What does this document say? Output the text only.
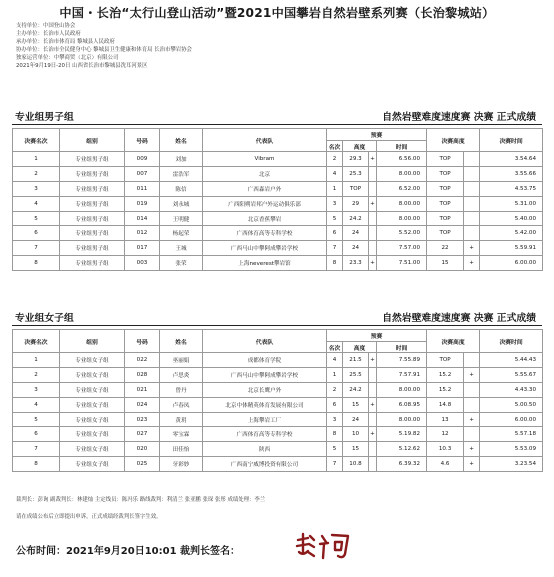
中国・长治“太行山登山活动”暨2021中国攀岩自然岩壁系列赛（长治黎城站）
支持单位：中国登山协会
主办单位：长治市人民政府
承办单位：长治市体育局 黎城县人民政府
协办单位：长治市全民健身中心 黎城县卫生健康和体育局 长治市攀岩协会
独家运营单位：中攀商贸（北京）有限公司
2021年9月19日-20日 山西省长治市黎城县洗耳河景区
专业组男子组	自然岩壁难度速度赛 决赛 正式成绩
决赛名次	组别	号码	姓名	代表队	预赛				决赛高度		决赛时间
					名次	高度		时间			
1	专业组男子组	009	刘加	Vibram	2	29.3	+	6.56.00	TOP		3.54.64
2	专业组男子组	007	雷浩军	北京	4	25.3		8.00.00	TOP		3.55.66
3	专业组男子组	011	陈信	广西森岩户外	1	TOP		6.52.00	TOP		4.53.75
4	专业组男子组	019	刘永城	广西阳朔岩邦户外运动俱乐部	3	29	+	8.00.00	TOP		5.31.00
5	专业组男子组	014	王明健	北京香蕉攀岩	5	24.2		8.00.00	TOP		5.40.00
6	专业组男子组	012	杨起荣	广西体育高等专科学校	6	24		5.52.00	TOP		5.42.00
7	专业组男子组	017	王城	广西马山中攀阿成攀岩学校	7	24		7.57.00	22	+	5.59.91
8	专业组男子组	003	张荣	上海neverest攀岩馆	8	23.3	+	7.51.00	15	+	6.00.00
专业组女子组	自然岩壁难度速度赛 决赛 正式成绩
决赛名次	组别	号码	姓名	代表队	预赛				决赛高度		决赛时间
					名次	高度		时间			
1	专业组女子组	022	巫丽娟	成都体育学院	4	21.5	+	7.55.89	TOP		5.44.43
2	专业组女子组	028	卢思炎	广西马山中攀阿成攀岩学校	1	25.5		7.57.91	15.2	+	5.55.67
3	专业组女子组	021	曾丹	北京长鹰户外	2	24.2		8.00.00	15.2		4.43.30
4	专业组女子组	024	卢春凤	北京中体精英体育发展有限公司	6	15	+	6.08.95	14.8		5.00.50
5	专业组女子组	023	黄玥	上海攀岩工厂	3	24		8.00.00	13	+	6.00.00
6	专业组女子组	027	零宝霖	广西体育高等专科学校	8	10	+	5.19.82	12		5.57.18
7	专业组女子组	020	田佳怡	陕西	5	15		5.12.62	10.3	+	5.53.09
8	专业组女子组	025	牙彩妙	广西南宁威博投资有限公司	7	10.8		6.39.32	4.6	+	3.23.54
裁判长：彭询 副裁判长：林建灿 主定线员：陈冯乐 路线裁判：利清兰 张亚鹏 张琛 张彤 成绩处理：李兰
请在成绩公布后立即提出申诉，正式成绩经裁判长签字生效。
公布时间：2021年9月20日10:01 裁判长签名：
